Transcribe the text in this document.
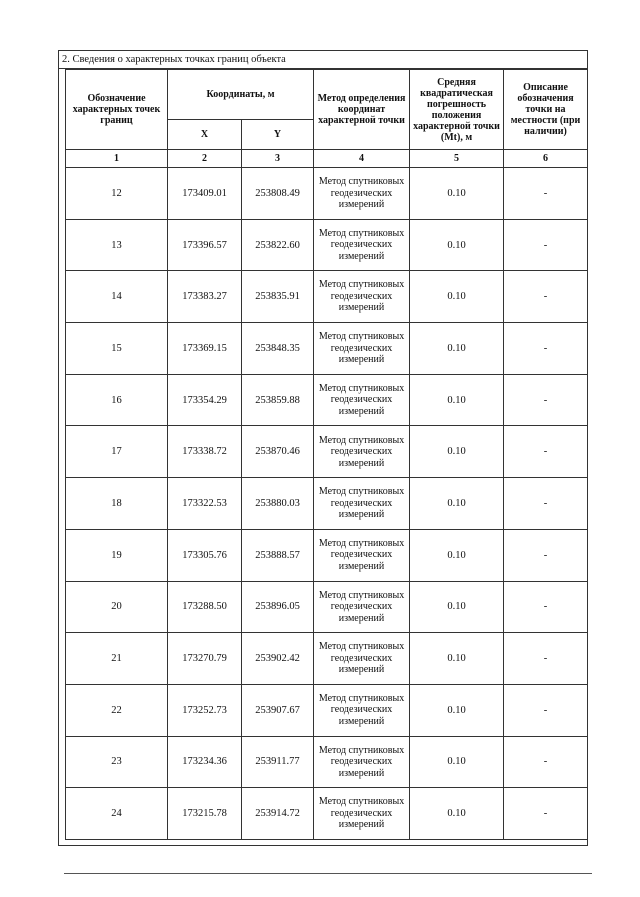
2. Сведения о характерных точках границ объекта
Обозначение характерных точек границ	Координаты, м		Метод определения координат характерной точки	Средняя квадратическая погрешность положения характерной точки (Mt), м	Описание обозначения точки на местности (при наличии)
	X	Y			
1	2	3	4	5	6
12	173409.01	253808.49	Метод спутниковых геодезических измерений	0.10	-
13	173396.57	253822.60	Метод спутниковых геодезических измерений	0.10	-
14	173383.27	253835.91	Метод спутниковых геодезических измерений	0.10	-
15	173369.15	253848.35	Метод спутниковых геодезических измерений	0.10	-
16	173354.29	253859.88	Метод спутниковых геодезических измерений	0.10	-
17	173338.72	253870.46	Метод спутниковых геодезических измерений	0.10	-
18	173322.53	253880.03	Метод спутниковых геодезических измерений	0.10	-
19	173305.76	253888.57	Метод спутниковых геодезических измерений	0.10	-
20	173288.50	253896.05	Метод спутниковых геодезических измерений	0.10	-
21	173270.79	253902.42	Метод спутниковых геодезических измерений	0.10	-
22	173252.73	253907.67	Метод спутниковых геодезических измерений	0.10	-
23	173234.36	253911.77	Метод спутниковых геодезических измерений	0.10	-
24	173215.78	253914.72	Метод спутниковых геодезических измерений	0.10	-
